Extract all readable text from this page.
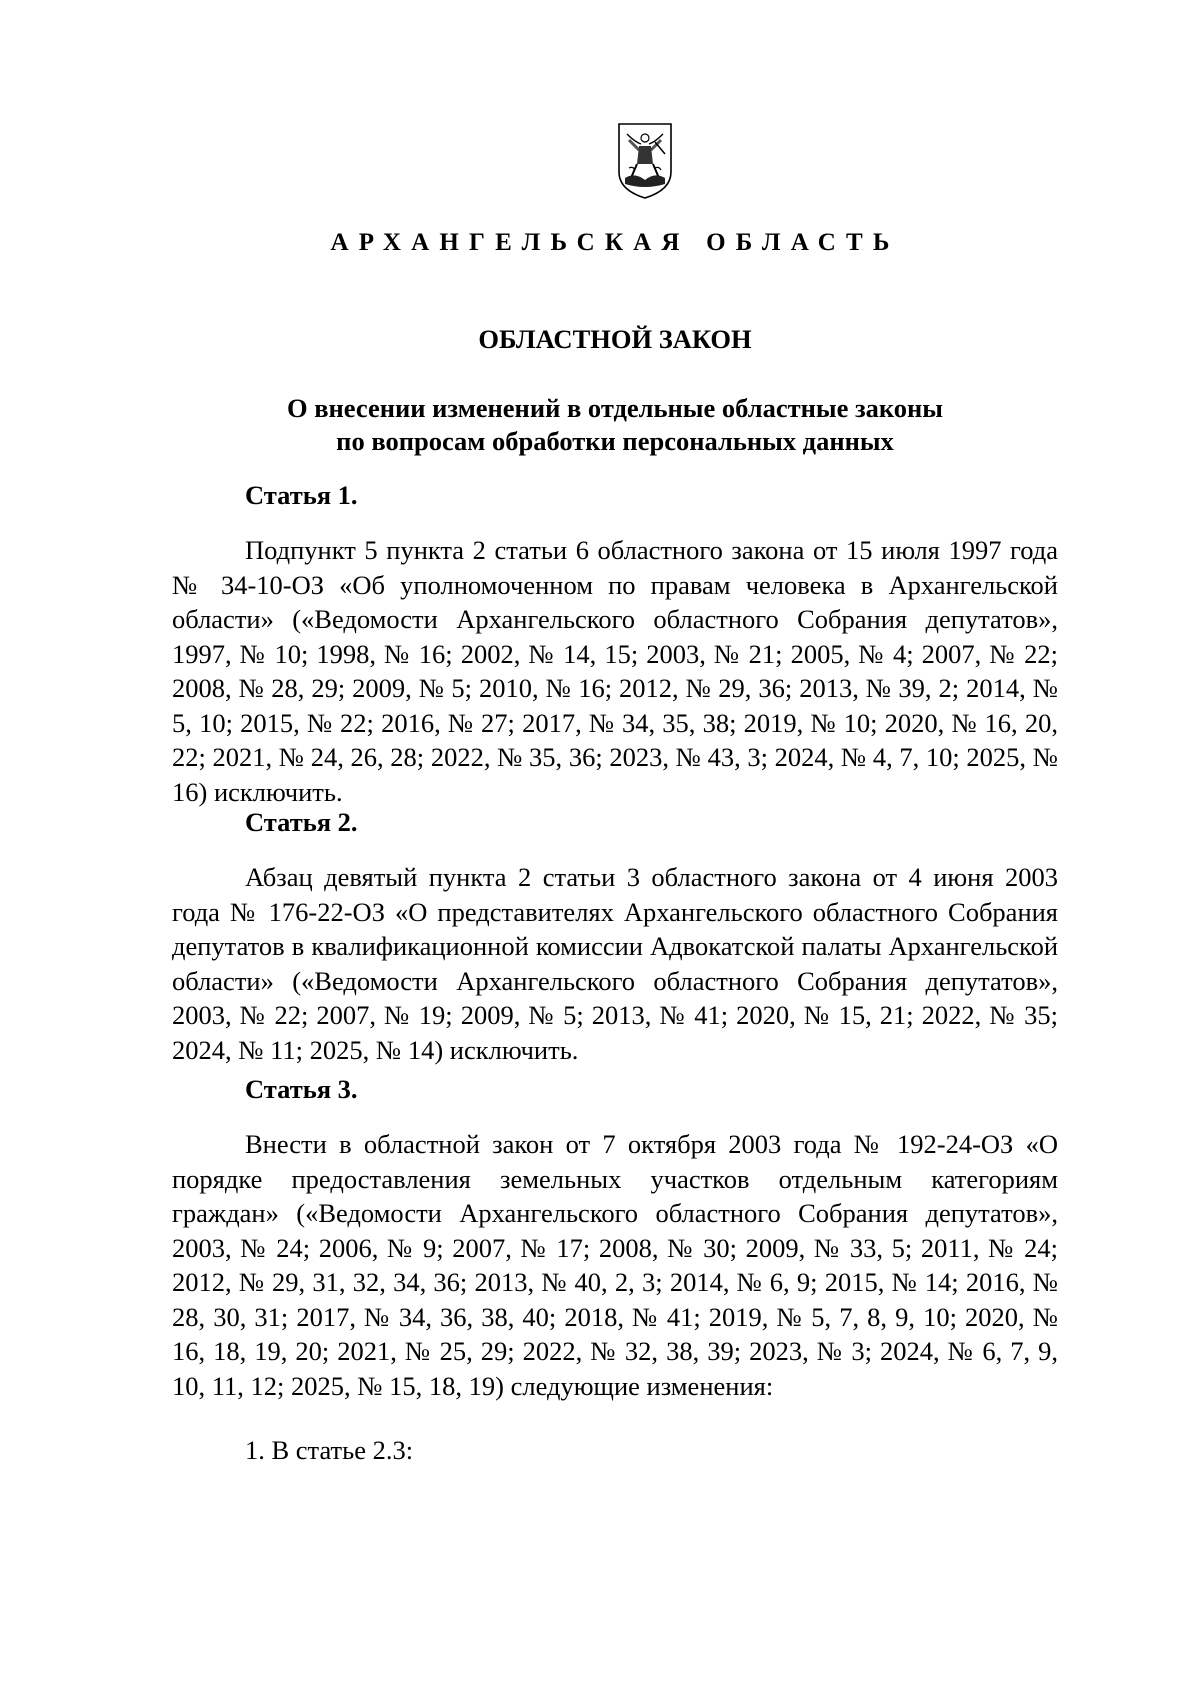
АРХАНГЕЛЬСКАЯ ОБЛАСТЬ
ОБЛАСТНОЙ ЗАКОН
О внесении изменений в отдельные областные законы
по вопросам обработки персональных данных
Статья 1.

Подпункт 5 пункта 2 статьи 6 областного закона от 15 июля 1997 года № 34-10-ОЗ «Об уполномоченном по правам человека в Архангельской области» («Ведомости Архангельского областного Собрания депутатов», 1997, № 10; 1998, № 16; 2002, № 14, 15; 2003, № 21; 2005, № 4; 2007, № 22; 2008, № 28, 29; 2009, № 5; 2010, № 16; 2012, № 29, 36; 2013, № 39, 2; 2014, № 5, 10; 2015, № 22; 2016, № 27; 2017, № 34, 35, 38; 2019, № 10; 2020, № 16, 20, 22; 2021, № 24, 26, 28; 2022, № 35, 36; 2023, № 43, 3; 2024, № 4, 7, 10; 2025, № 16) исключить.

Статья 2.

Абзац девятый пункта 2 статьи 3 областного закона от 4 июня 2003 года № 176-22-ОЗ «О представителях Архангельского областного Собрания депутатов в квалификационной комиссии Адвокатской палаты Архангельской области» («Ведомости Архангельского областного Собрания депутатов», 2003, № 22; 2007, № 19; 2009, № 5; 2013, № 41; 2020, № 15, 21; 2022, № 35; 2024, № 11; 2025, № 14) исключить.

Статья 3.

Внести в областной закон от 7 октября 2003 года № 192-24-ОЗ «О порядке предоставления земельных участков отдельным категориям граждан» («Ведомости Архангельского областного Собрания депутатов», 2003, № 24; 2006, № 9; 2007, № 17; 2008, № 30; 2009, № 33, 5; 2011, № 24; 2012, № 29, 31, 32, 34, 36; 2013, № 40, 2, 3; 2014, № 6, 9; 2015, № 14; 2016, № 28, 30, 31; 2017, № 34, 36, 38, 40; 2018, № 41; 2019, № 5, 7, 8, 9, 10; 2020, № 16, 18, 19, 20; 2021, № 25, 29; 2022, № 32, 38, 39; 2023, № 3; 2024, № 6, 7, 9, 10, 11, 12; 2025, № 15, 18, 19) следующие изменения:

1. В статье 2.3:
